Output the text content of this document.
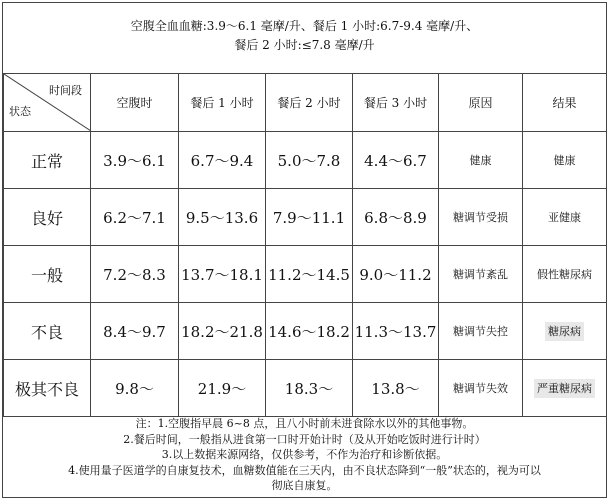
空腹全血血糖:3.9～6.1 毫摩/升、餐后 1 小时:6.7-9.4 毫摩/升、
餐后 2 小时:≤7.8 毫摩/升
时间段
状态	空腹时	餐后 1 小时	餐后 2 小时	餐后 3 小时	原因	结果
正常	3.9～6.1	6.7～9.4	5.0～7.8	4.4～6.7	健康	健康
良好	6.2～7.1	9.5～13.6	7.9～11.1	6.8～8.9	糖调节受损	亚健康
一般	7.2～8.3	13.7～18.1	11.2～14.5	9.0～11.2	糖调节紊乱	假性糖尿病
不良	8.4～9.7	18.2～21.8	14.6～18.2	11.3～13.7	糖调节失控	糖尿病
极其不良	9.8～	21.9～	18.3～	13.8～	糖调节失效	严重糖尿病
注：1.空腹指早晨 6~8 点，且八小时前未进食除水以外的其他事物。
2.餐后时间，一般指从进食第一口时开始计时（及从开始吃饭时进行计时）
3.以上数据来源网络，仅供参考，不作为治疗和诊断依据。
4.使用量子医道学的自康复技术，血糖数值能在三天内，由不良状态降到“一般”状态的，视为可以
彻底自康复。
